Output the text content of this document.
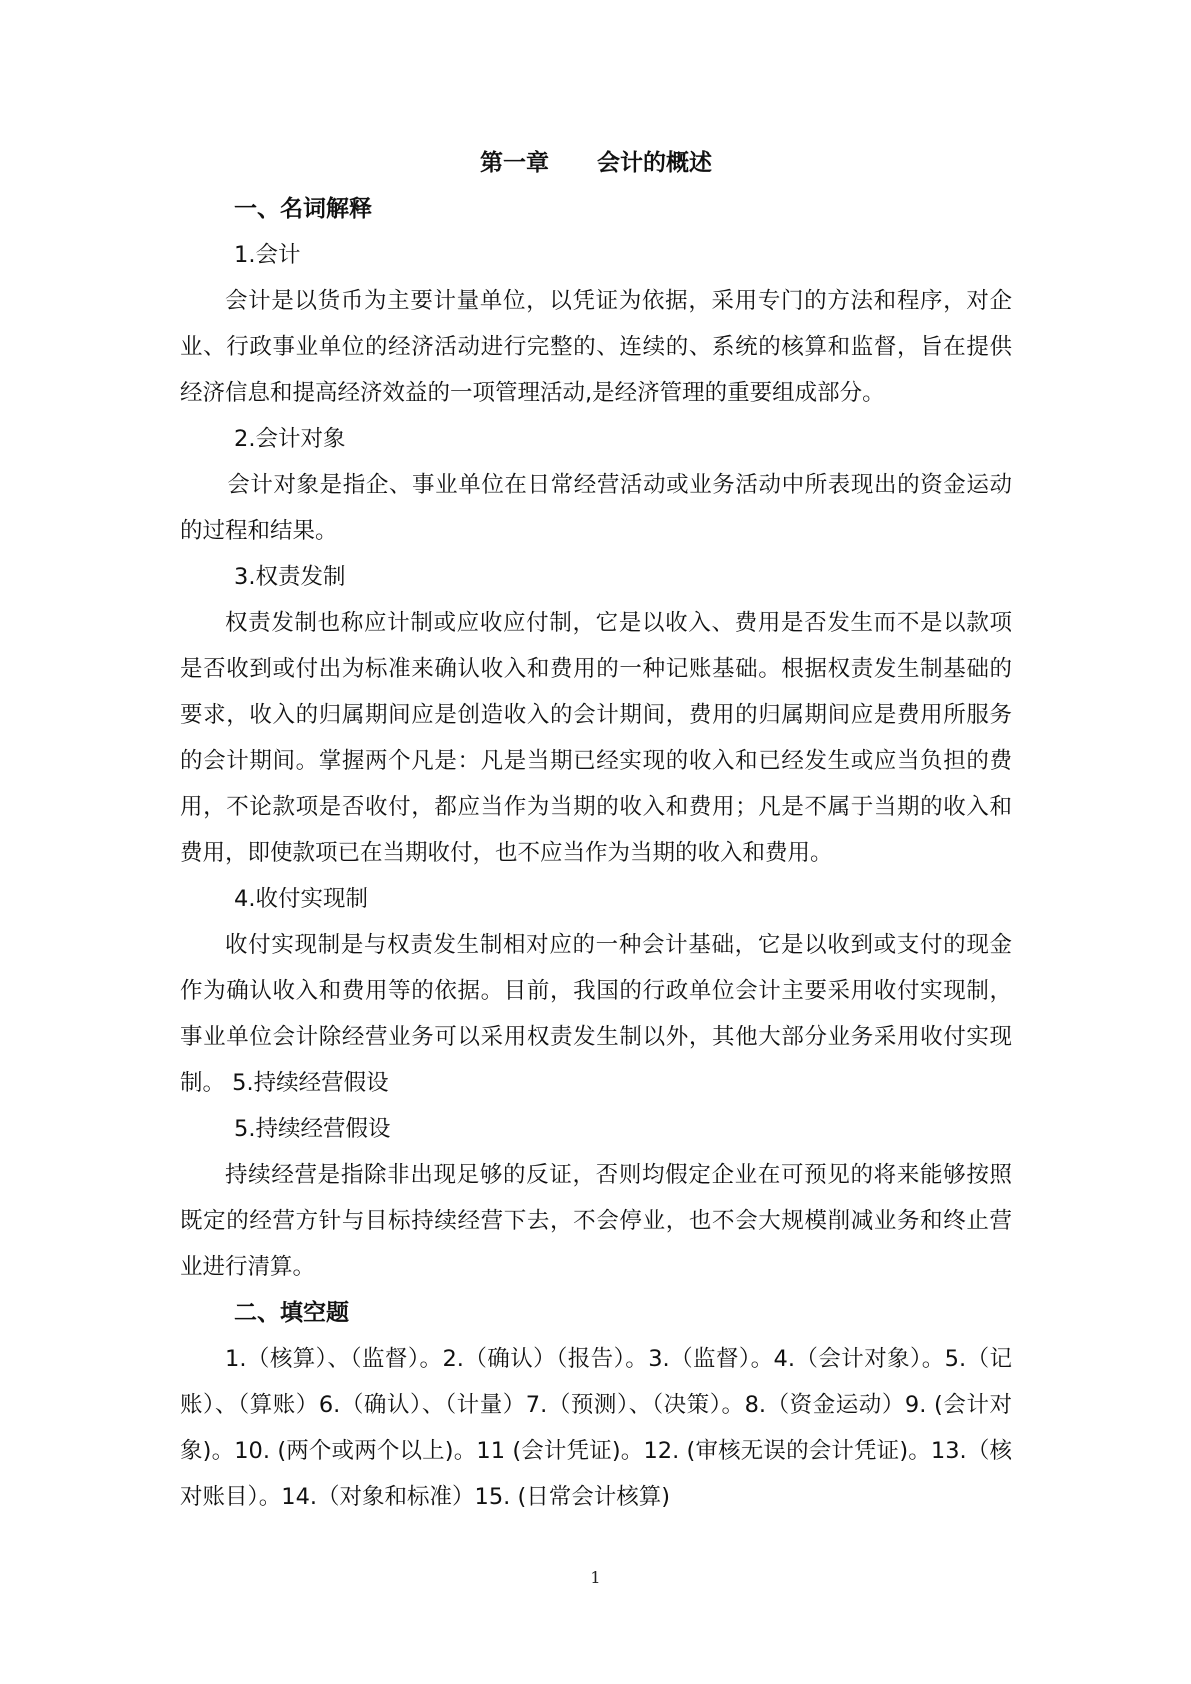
第一章      会计的概述
一、名词解释
1.会计

会计是以货币为主要计量单位，以凭证为依据，采用专门的方法和程序，对企业、行政事业单位的经济活动进行完整的、连续的、系统的核算和监督，旨在提供经济信息和提高经济效益的一项管理活动,是经济管理的重要组成部分。

2.会计对象

会计对象是指企、事业单位在日常经营活动或业务活动中所表现出的资金运动的过程和结果。

3.权责发制

权责发制也称应计制或应收应付制，它是以收入、费用是否发生而不是以款项是否收到或付出为标准来确认收入和费用的一种记账基础。根据权责发生制基础的要求，收入的归属期间应是创造收入的会计期间，费用的归属期间应是费用所服务的会计期间。掌握两个凡是：凡是当期已经实现的收入和已经发生或应当负担的费用，不论款项是否收付，都应当作为当期的收入和费用；凡是不属于当期的收入和费用，即使款项已在当期收付，也不应当作为当期的收入和费用。

4.收付实现制

收付实现制是与权责发生制相对应的一种会计基础，它是以收到或支付的现金作为确认收入和费用等的依据。目前，我国的行政单位会计主要采用收付实现制，事业单位会计除经营业务可以采用权责发生制以外，其他大部分业务采用收付实现制。 5.持续经营假设

5.持续经营假设

持续经营是指除非出现足够的反证，否则均假定企业在可预见的将来能够按照既定的经营方针与目标持续经营下去，不会停业，也不会大规模削减业务和终止营业进行清算。

二、填空题

1.（核算）、（监督）。2.（确认）（报告）。3.（监督）。4.（会计对象）。5.（记账）、（算账）6.（确认）、（计量）7.（预测）、（决策）。8.（资金运动）9. (会计对象)。10. (两个或两个以上)。11 (会计凭证)。12. (审核无误的会计凭证)。13.（核对账目）。14.（对象和标准）15. (日常会计核算)

1
